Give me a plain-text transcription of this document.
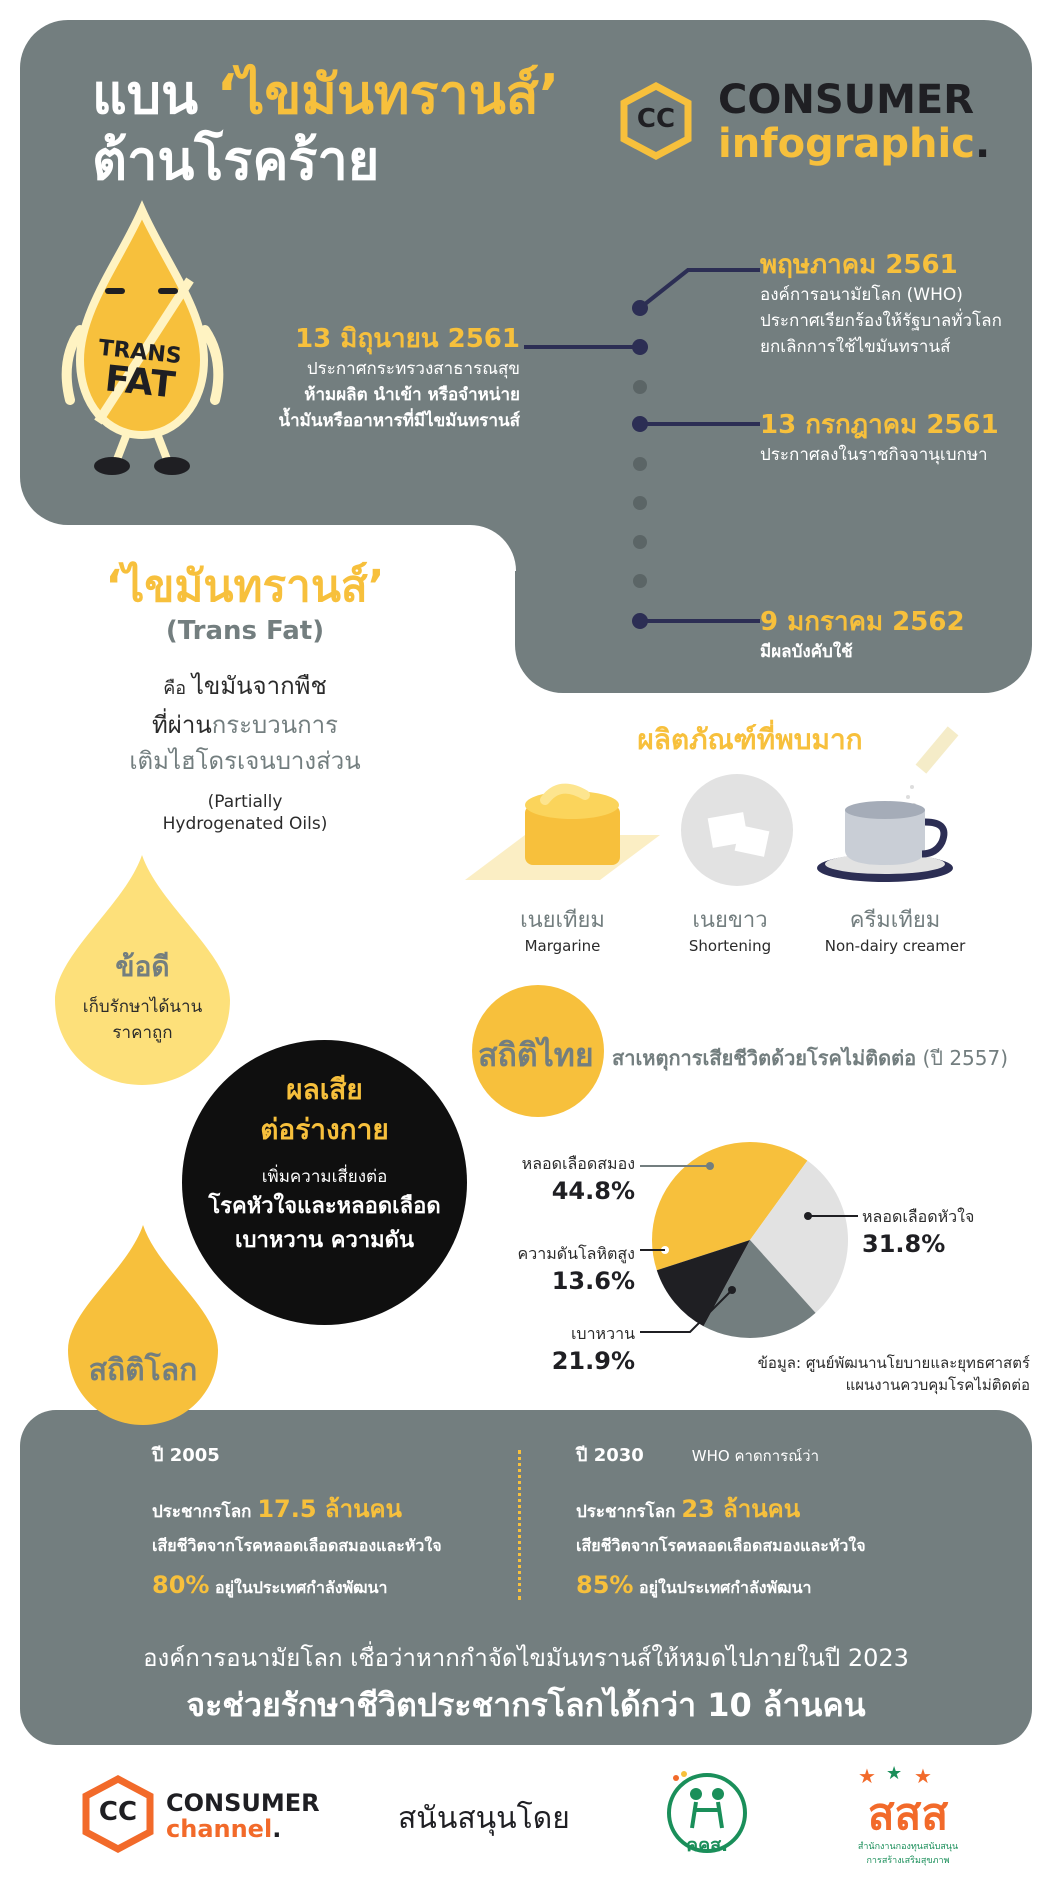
แบน ‘ไขมันทรานส์’
ต้านโรคร้าย
CC	CONSUMER
infographic.
TRANS
FAT
13 มิถุนายน 2561
ประกาศกระทรวงสาธารณสุข
ห้ามผลิต นำเข้า หรือจำหน่าย
น้ำมันหรืออาหารที่มีไขมันทรานส์
พฤษภาคม 2561
องค์การอนามัยโลก (WHO)
ประกาศเรียกร้องให้รัฐบาลทั่วโลก
ยกเลิกการใช้ไขมันทรานส์
13 กรกฎาคม 2561
ประกาศลงในราชกิจจานุเบกษา
9 มกราคม 2562
มีผลบังคับใช้
‘ไขมันทรานส์’
(Trans Fat)
คือ ไขมันจากพืช
ที่ผ่านกระบวนการ
เติมไฮโดรเจนบางส่วน
(Partially
Hydrogenated Oils)
ผลิตภัณฑ์ที่พบมาก
เนยเทียม
Margarine
เนยขาว
Shortening
ครีมเทียม
Non-dairy creamer
ข้อดี
เก็บรักษาได้นาน
ราคาถูก
ผลเสีย
ต่อร่างกาย
เพิ่มความเสี่ยงต่อ
โรคหัวใจและหลอดเลือด
เบาหวาน ความดัน
สถิติไทย สาเหตุการเสียชีวิตด้วยโรคไม่ติดต่อ (ปี 2557)
หลอดเลือดสมอง
44.8%
หลอดเลือดหัวใจ
31.8%
ความดันโลหิตสูง
13.6%
เบาหวาน
21.9%	ข้อมูล: ศูนย์พัฒนานโยบายและยุทธศาสตร์
แผนงานควบคุมโรคไม่ติดต่อ
สถิติโลก
ปี 2005
ประชากรโลก 17.5 ล้านคน
เสียชีวิตจากโรคหลอดเลือดสมองและหัวใจ
80% อยู่ในประเทศกำลังพัฒนา
ปี 2030	WHO คาดการณ์ว่า
ประชากรโลก 23 ล้านคน
เสียชีวิตจากโรคหลอดเลือดสมองและหัวใจ
85% อยู่ในประเทศกำลังพัฒนา
องค์การอนามัยโลก เชื่อว่าหากกำจัดไขมันทรานส์ให้หมดไปภายในปี 2023
จะช่วยรักษาชีวิตประชากรโลกได้กว่า 10 ล้านคน
CC	CONSUMER
channel.	สนันสนุนโดย
คคส.
★ ★ ★
สสส
สำนักงานกองทุนสนับสนุน
การสร้างเสริมสุขภาพ
